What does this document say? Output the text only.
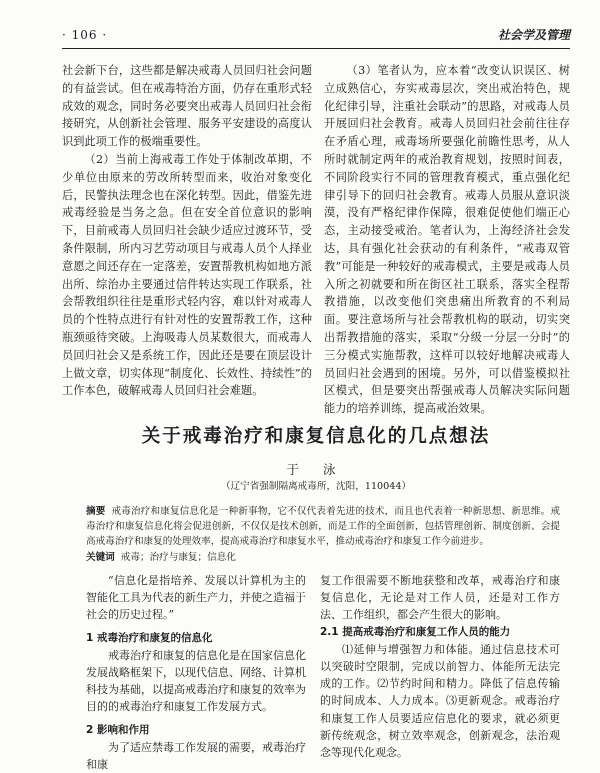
· 106 ·	社会学及管理

社会新下台，这些都是解决戒毒人员回归社会问题的有益尝试。但在戒毒特治方面，仍存在重形式轻成效的观念，同时务必要突出戒毒人员回归社会衔接研究，从创新社会管理、服务平安建设的高度认识到此项工作的极端重要性。

（2）当前上海戒毒工作处于体制改革期，不少单位由原来的劳改所转型而来，收治对象变化后，民警执法理念也在深化转型。因此，借鉴先进戒毒经验是当务之急。但在安全首位意识的影响下，目前戒毒人员回归社会缺少适应过渡环节，受条件限制，所内习艺劳动项目与戒毒人员个人择业意愿之间还存在一定落差，安置帮教机构如地方派出所、综治办主要通过信件转达实现工作联系，社会帮教组织往往是重形式轻内容，难以针对戒毒人员的个性特点进行有针对性的安置帮教工作，这种瓶颈亟待突破。上海吸毒人员某数很大，而戒毒人员回归社会又是系统工作，因此还是要在顶层设计上做文章，切实体现“制度化、长效性、持续性”的工作本色，破解戒毒人员回归社会难题。

（3）笔者认为，应本着“改变认识误区、树立成熟信心，夯实戒毒层次，突出戒治特色，规化纪律引导，注重社会联动”的思路，对戒毒人员开展回归社会教育。戒毒人员回归社会前往往存在矛盾心理，戒毒场所要强化前瞻性思考，从人所时就制定两年的戒治教育规划，按照时间表，不同阶段实行不同的管理教育模式，重点强化纪律引导下的回归社会教育。戒毒人员服从意识淡漠，没有严格纪律作保障，很难促使他们端正心态，主动接受戒治。笔者认为，上海经济社会发达，具有强化社会获动的有利条件，“戒毒双管教”可能是一种较好的戒毒模式，主要是戒毒人员入所之初就要和所在街区社工联系，落实全程帮教措施，以改变他们突患痛出所教育的不利局面。要注意场所与社会帮教机构的联动，切实突出帮教措施的落实，采取“分级一分层一分时”的三分模式实施帮教，这样可以较好地解决戒毒人员回归社会遇到的困境。另外，可以借鉴模拟社区模式，但是要突出帮强戒毒人员解决实际问题能力的培养训练，提高戒治效果。

关于戒毒治疗和康复信息化的几点想法
于 泳
（辽宁省强制隔离戒毒所，沈阳，110044）
摘要 戒毒治疗和康复信息化是一种新事物，它不仅代表着先进的技术，而且也代表着一种新思想、新思维。戒毒治疗和康复信息化将会促进创新，不仅仅是技术创新，而是工作的全面创新，包括管理创新、制度创新、会提高戒毒治疗和康复的处理效率，提高戒毒治疗和康复水平，推动戒毒治疗和康复工作今前进步。
关键词 戒毒；治疗与康复；信息化

“信息化是指培养、发展以计算机为主的智能化工具为代表的新生产力，并使之造福于社会的历史过程。”

1 戒毒治疗和康复的信息化

戒毒治疗和康复的信息化是在国家信息化发展战略框架下，以现代信息、网络、计算机科技为基础，以提高戒毒治疗和康复的效率为目的的戒毒治疗和康复工作发展方式。

2 影响和作用

为了适应禁毒工作发展的需要，戒毒治疗和康

复工作很需要不断地获整和改革，戒毒治疗和康复信息化，无论是对工作人员，还是对工作方法、工作组织，都会产生很大的影响。

2.1 提高戒毒治疗和康复工作人员的能力

⑴延伸与增强智力和体能。通过信息技术可以突破时空限制，完成以前智力、体能所无法完成的工作。⑵节约时间和精力。降低了信息传输的时间成本、人力成本。⑶更新观念。戒毒治疗和康复工作人员要适应信息化的要求，就必须更新传统观念，树立效率观念，创新观念，法治观念等现代化观念。
